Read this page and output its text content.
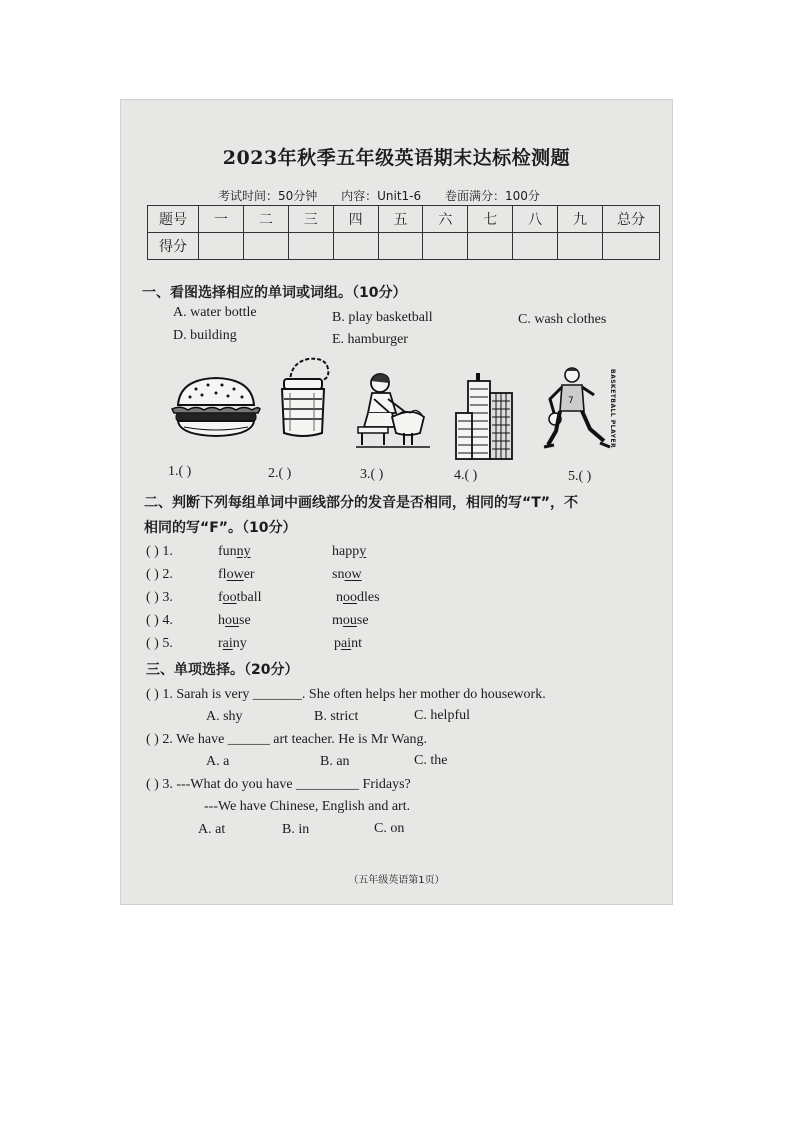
2023年秋季五年级英语期末达标检测题
考试时间：50分钟 内容：Unit1-6 卷面满分：100分
题号	一	二	三	四	五	六	七	八	九	总分
得分										
一、看图选择相应的单词或词组。（10分）
A. water bottle	B. play basketball	C. wash clothes
D. building	E. hamburger
7	BASKETBALL PLAYER
1.( )	2.( )	3.( )	4.( )	5.( )
二、判断下列每组单词中画线部分的发音是否相同，相同的写“T”，不
相同的写“F”。（10分）
( ) 1.	funny	happy
( ) 2.	flower	snow
( ) 3.	football	noodles
( ) 4.	house	mouse
( ) 5.	rainy	paint
三、单项选择。（20分）
( ) 1. Sarah is very _______. She often helps her mother do housework.
A. shy	B. strict	C. helpful
( ) 2. We have ______ art teacher. He is Mr Wang.
A. a	B. an	C. the
( ) 3. ---What do you have _________ Fridays?
---We have Chinese, English and art.
A. at	B. in	C. on
（五年级英语第1页）
